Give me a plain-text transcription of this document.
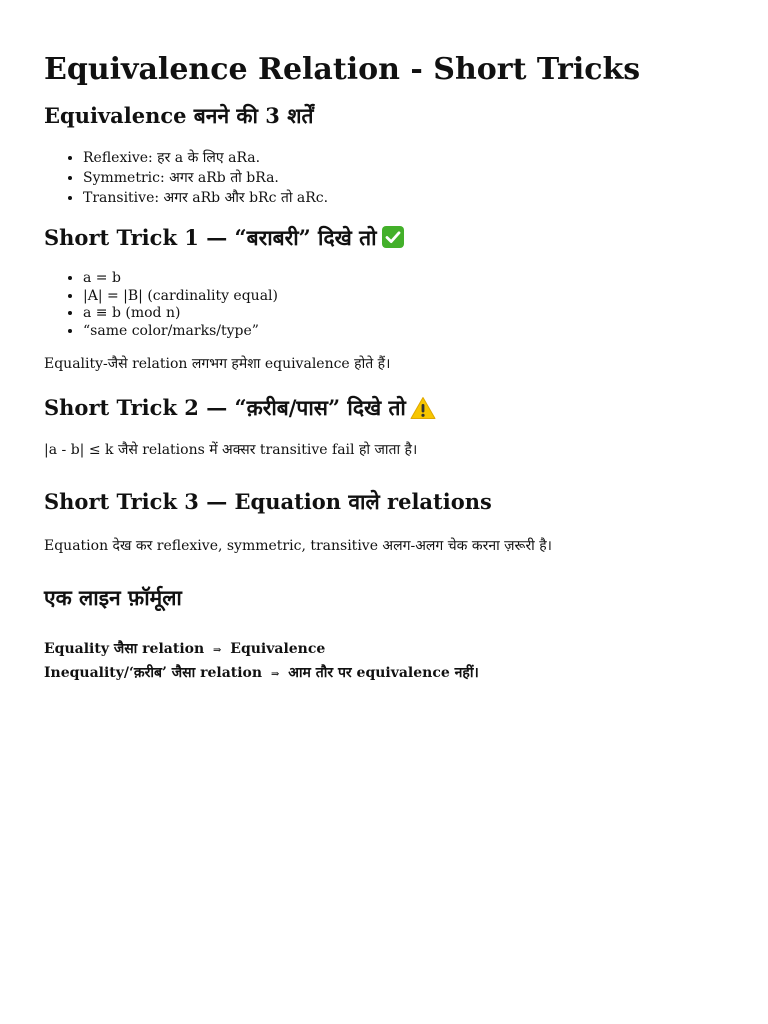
Equivalence Relation - Short Tricks
Equivalence बनने की 3 शर्तें
• Reflexive: हर a के लिए aRa.
• Symmetric: अगर aRb तो bRa.
• Transitive: अगर aRb और bRc तो aRc.
Short Trick 1 — “बराबरी” दिखे तो
• a = b
• |A| = |B| (cardinality equal)
• a ≡ b (mod n)
• “same color/marks/type”

Equality-जैसे relation लगभग हमेशा equivalence होते हैं।

Short Trick 2 — “क़रीब/पास” दिखे तो

|a - b| ≤ k जैसे relations में अक्सर transitive fail हो जाता है।

Short Trick 3 — Equation वाले relations

Equation देख कर reflexive, symmetric, transitive अलग-अलग चेक करना ज़रूरी है।

एक लाइन फ़ॉर्मूला
Equality जैसा relation ⇒ Equivalence
Inequality/‘क़रीब’ जैसा relation ⇒ आम तौर पर equivalence नहीं।
